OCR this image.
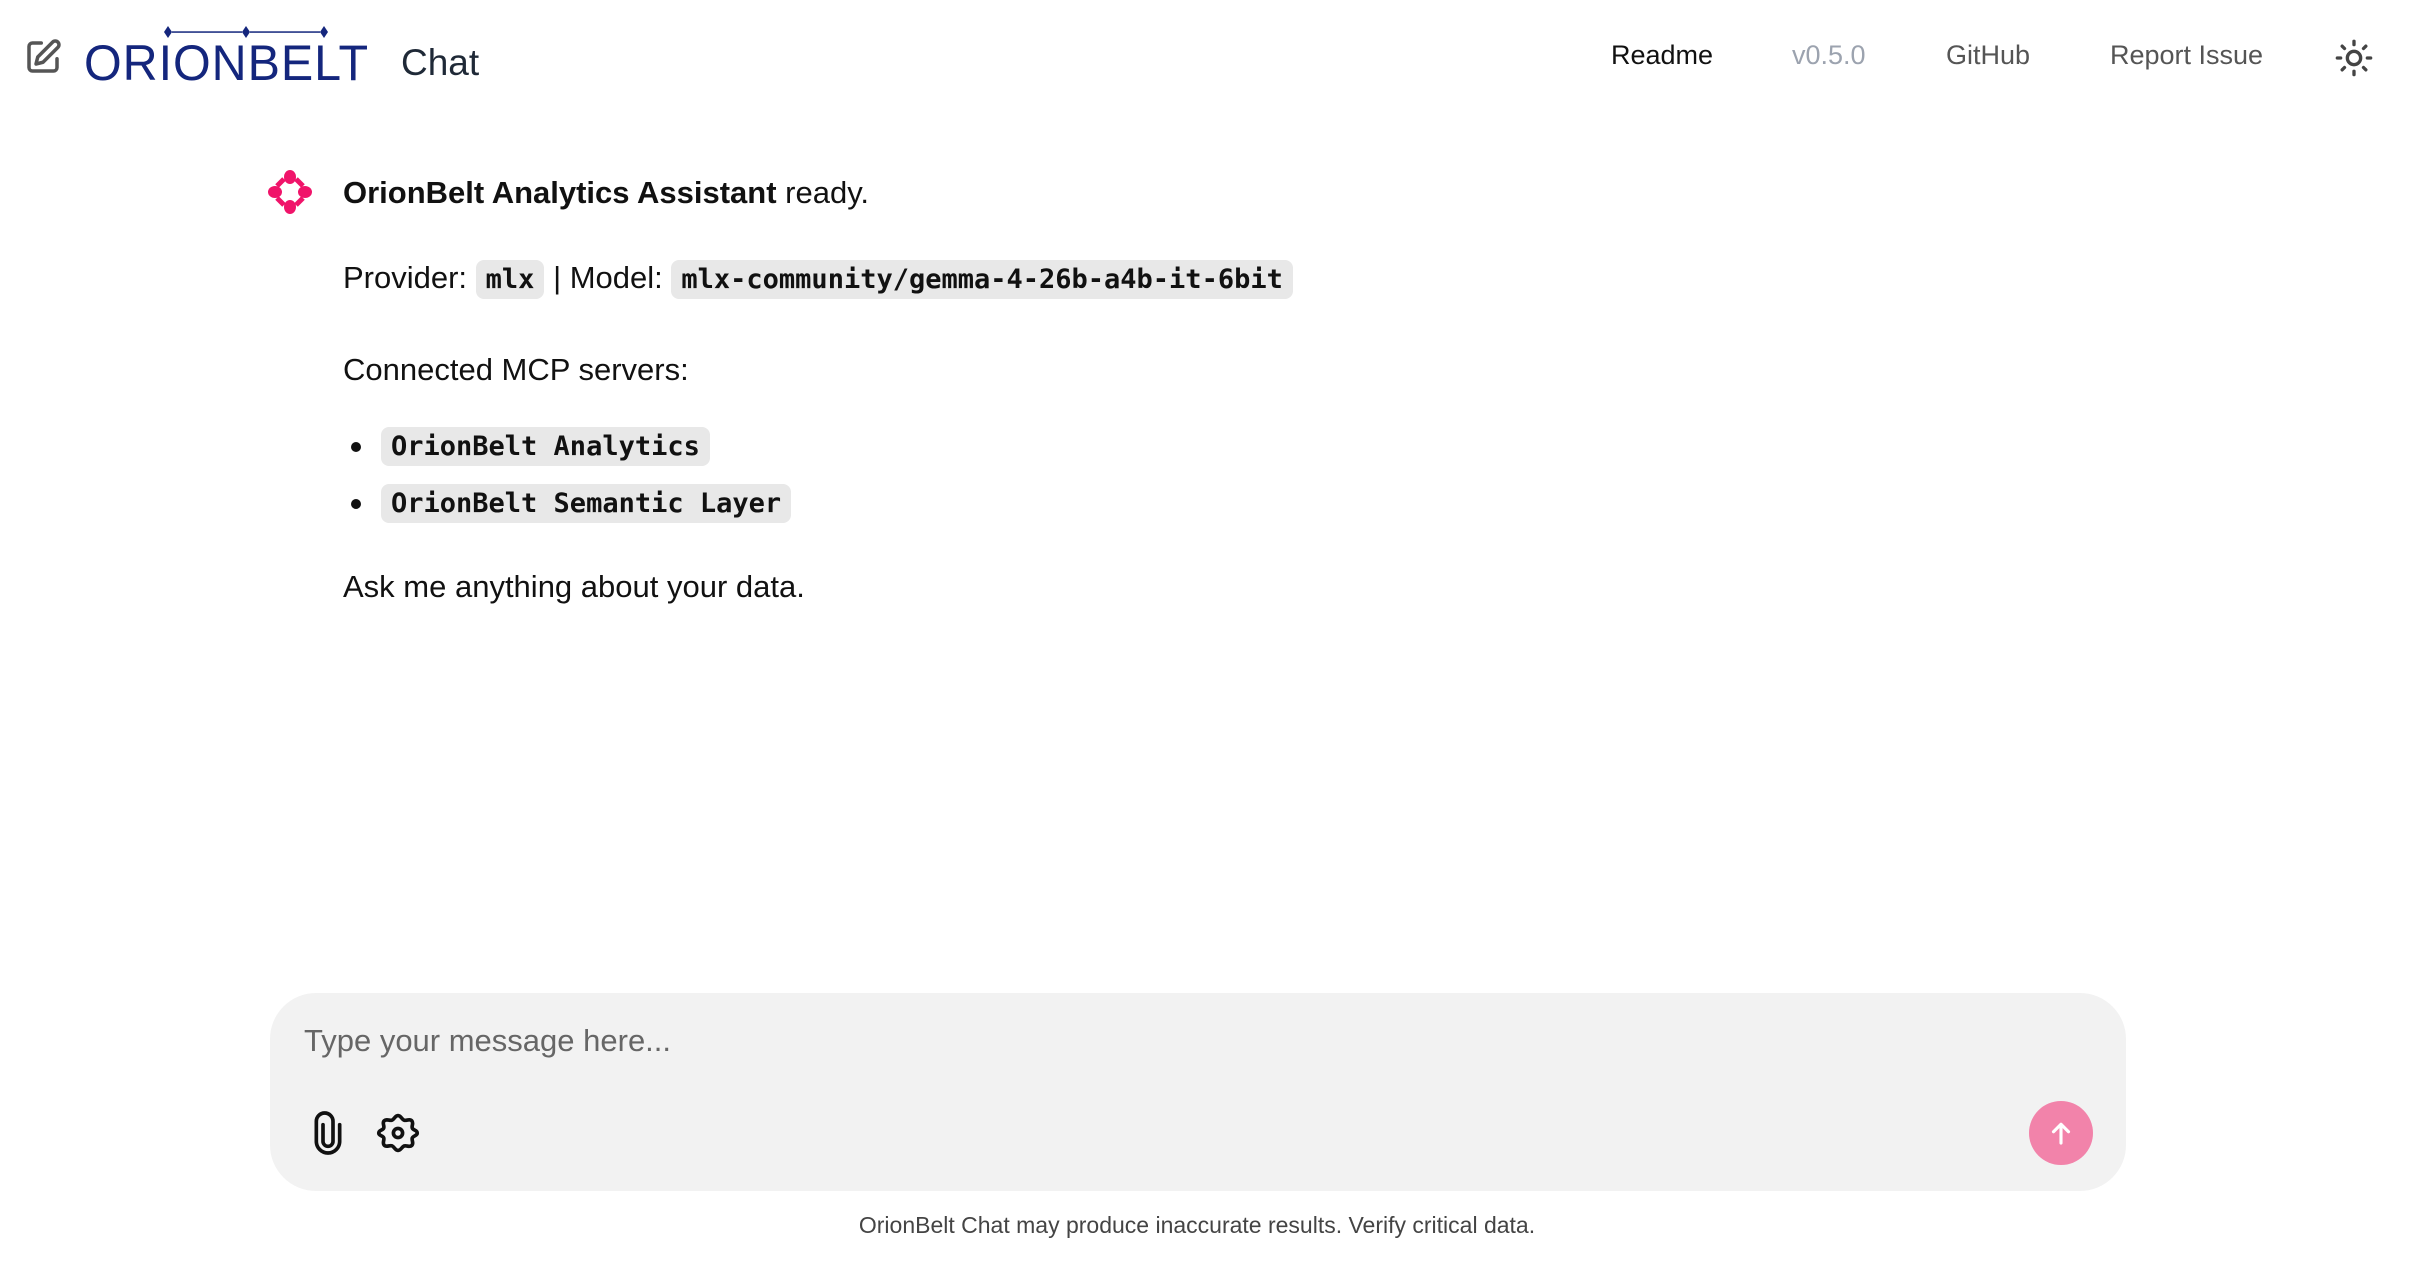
ORIONBELT Chat	Readme	v0.5.0	GitHub	Report Issue
OrionBelt Analytics Assistant ready.
Provider: mlx | Model: mlx-community/gemma-4-26b-a4b-it-6bit
Connected MCP servers:
OrionBelt Analytics
OrionBelt Semantic Layer
Ask me anything about your data.
Type your message here...
OrionBelt Chat may produce inaccurate results. Verify critical data.
